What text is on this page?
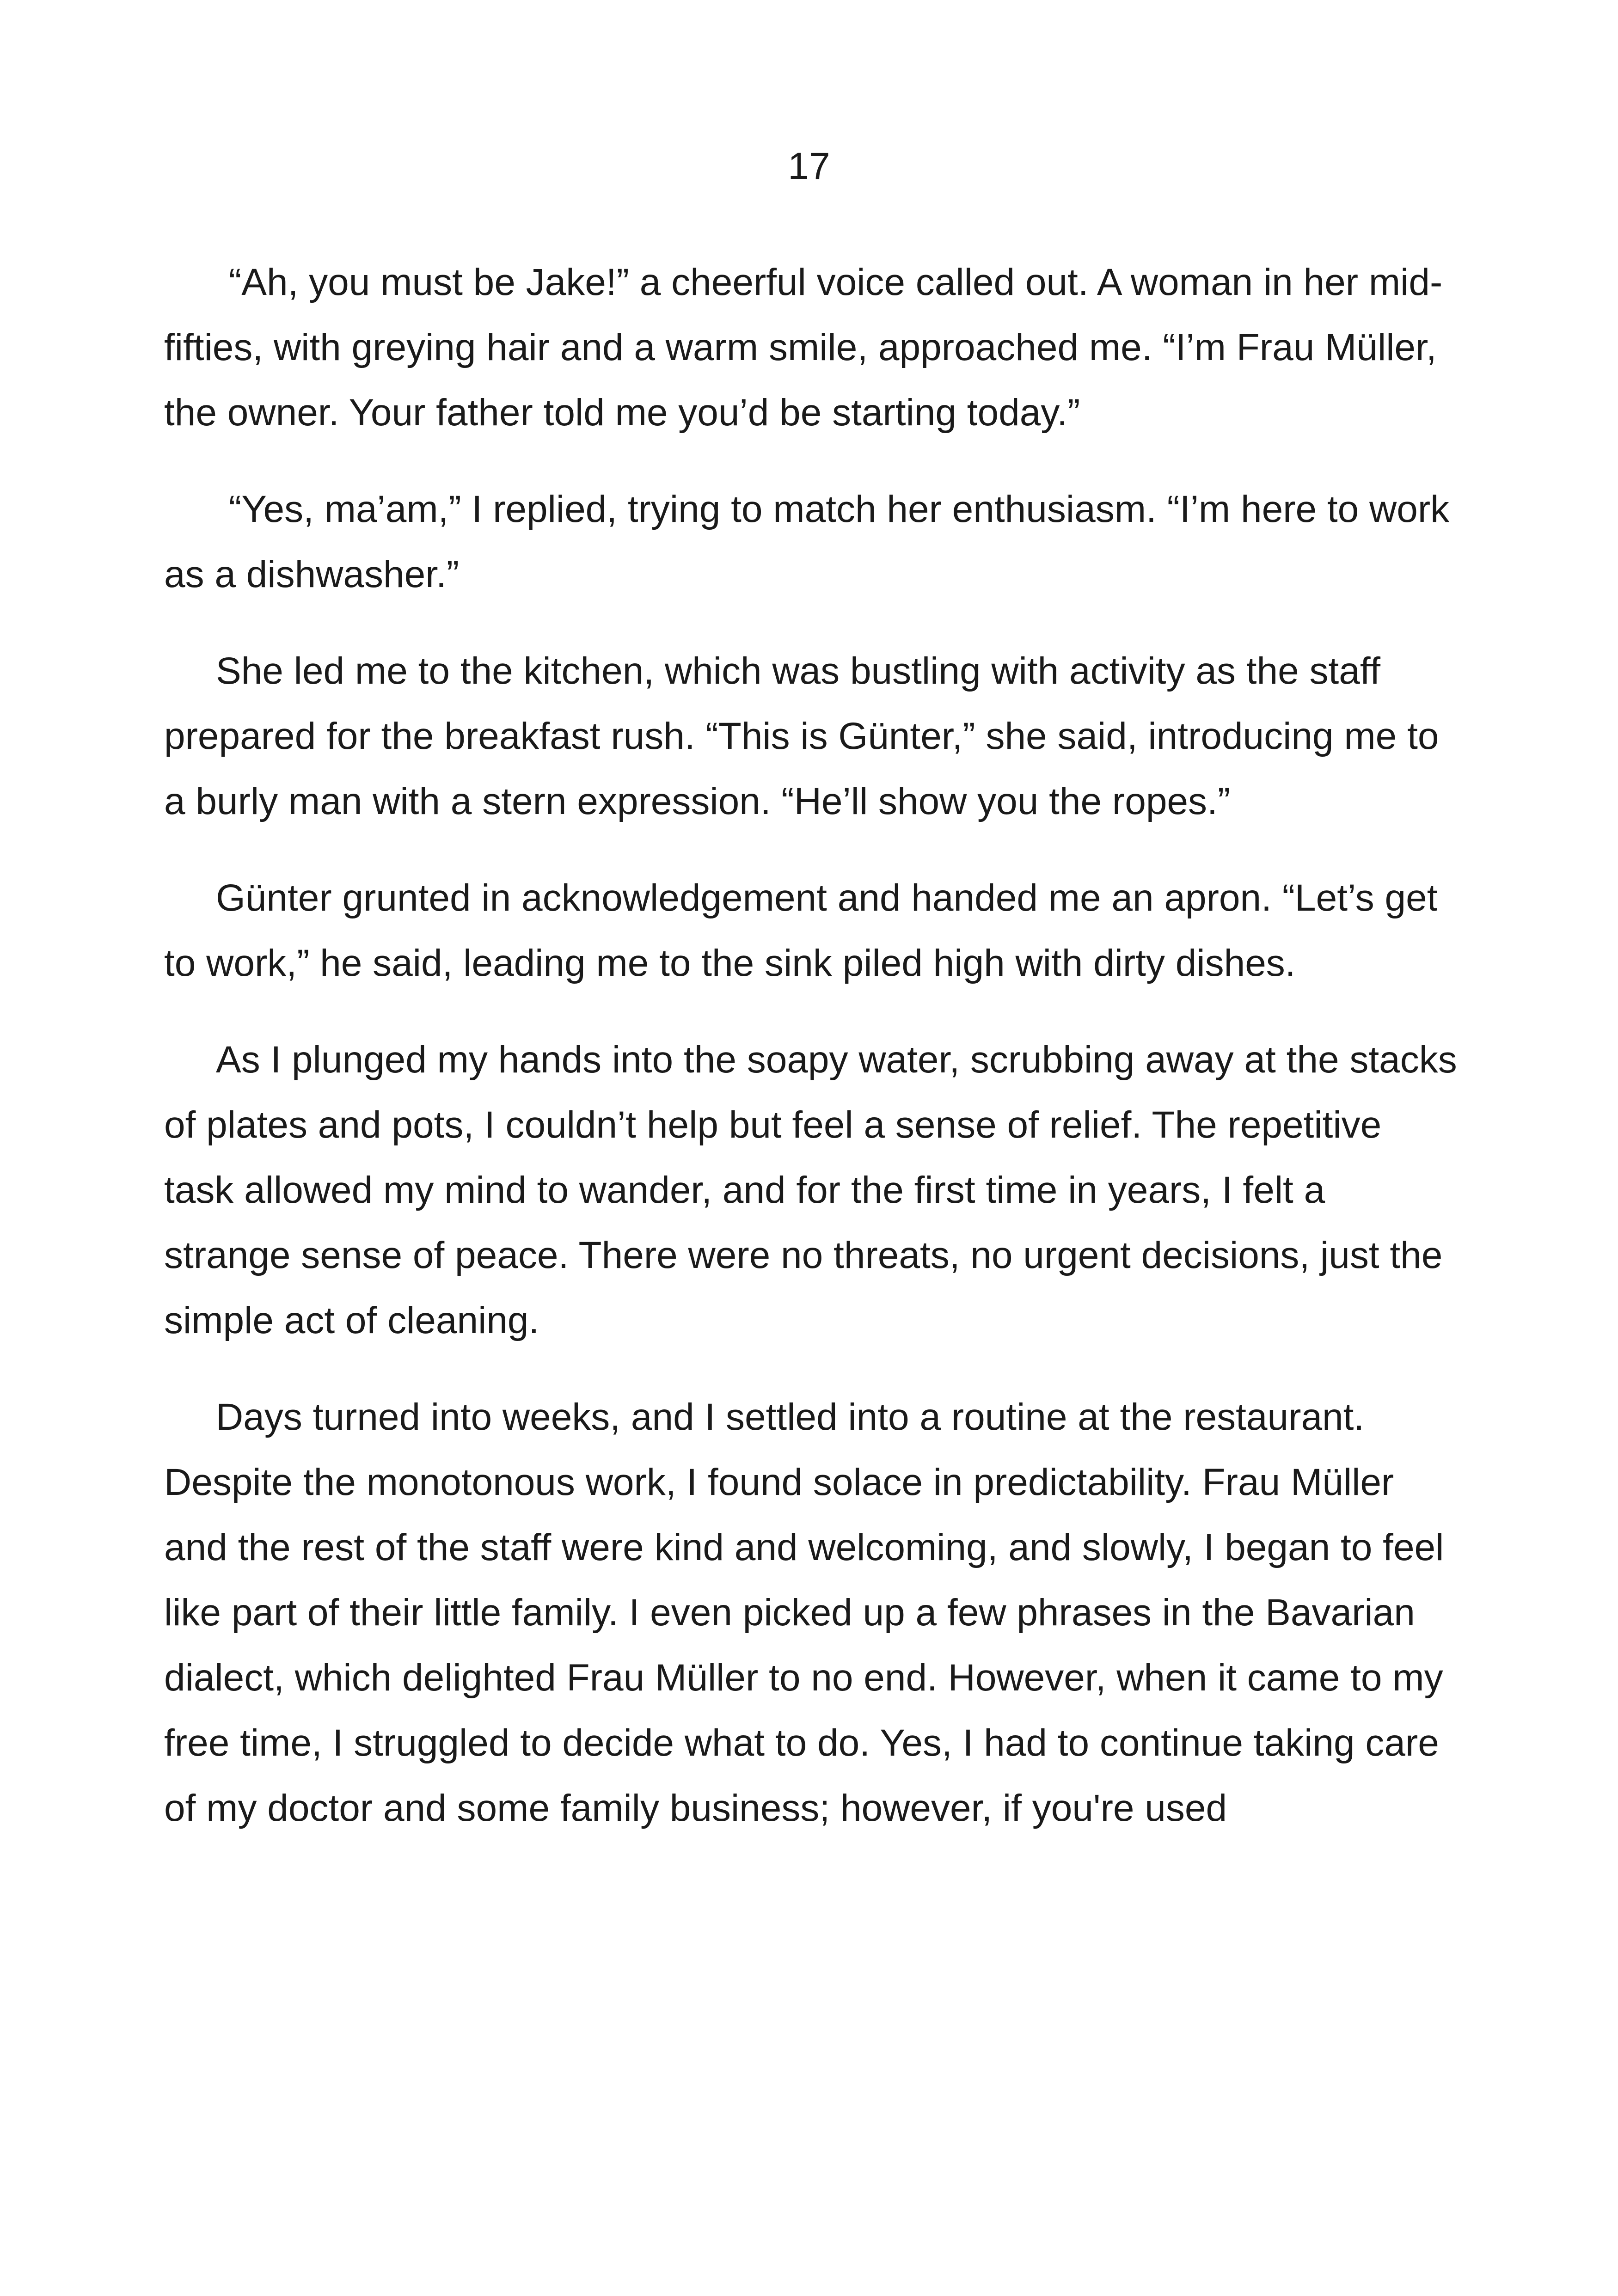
17

“Ah, you must be Jake!” a cheerful voice called out. A woman in her mid-fifties, with greying hair and a warm smile, approached me. “I’m Frau Müller, the owner. Your father told me you’d be starting today.”

“Yes, ma’am,” I replied, trying to match her enthusiasm. “I’m here to work as a dishwasher.”

She led me to the kitchen, which was bustling with activity as the staff prepared for the breakfast rush. “This is Günter,” she said, introducing me to a burly man with a stern expression. “He’ll show you the ropes.”

Günter grunted in acknowledgement and handed me an apron. “Let’s get to work,” he said, leading me to the sink piled high with dirty dishes.

As I plunged my hands into the soapy water, scrubbing away at the stacks of plates and pots, I couldn’t help but feel a sense of relief. The repetitive task allowed my mind to wander, and for the first time in years, I felt a strange sense of peace. There were no threats, no urgent decisions, just the simple act of cleaning.

Days turned into weeks, and I settled into a routine at the restaurant. Despite the monotonous work, I found solace in predictability. Frau Müller and the rest of the staff were kind and welcoming, and slowly, I began to feel like part of their little family. I even picked up a few phrases in the Bavarian dialect, which delighted Frau Müller to no end. However, when it came to my free time, I struggled to decide what to do. Yes, I had to continue taking care of my doctor and some family business; however, if you're used
